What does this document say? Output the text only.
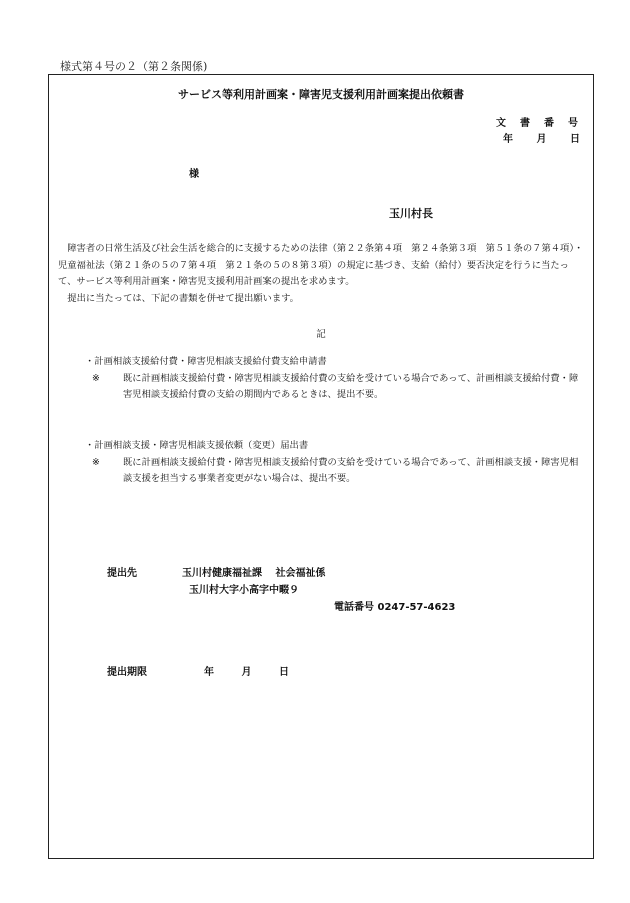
様式第４号の２（第２条関係)
サービス等利用計画案・障害児支援利用計画案提出依頼書
文　書　番　号
年 月 日
様
玉川村長

障害者の日常生活及び社会生活を総合的に支援するための法律（第２２条第４項　第２４条第３項　第５１条の７第４項）・児童福祉法（第２１条の５の７第４項　第２１条の５の８第３項）の規定に基づき、支給（給付）要否決定を行うに当たって、サービス等利用計画案・障害児支援利用計画案の提出を求めます。

提出に当たっては、下記の書類を併せて提出願います。

記

・計画相談支援給付費・障害児相談支援給付費支給申請書

※	既に計画相談支援給付費・障害児相談支援給付費の支給を受けている場合であって、計画相談支援給付費・障害児相談支援給付費の支給の期間内であるときは、提出不要。

・計画相談支援・障害児相談支援依頼（変更）届出書

※	既に計画相談支援給付費・障害児相談支援給付費の支給を受けている場合であって、計画相談支援・障害児相談支援を担当する事業者変更がない場合は、提出不要。

提出先	玉川村健康福祉課　 社会福祉係
玉川村大字小高字中畷９
電話番号 0247-57-4623
提出期限	年	月	日
